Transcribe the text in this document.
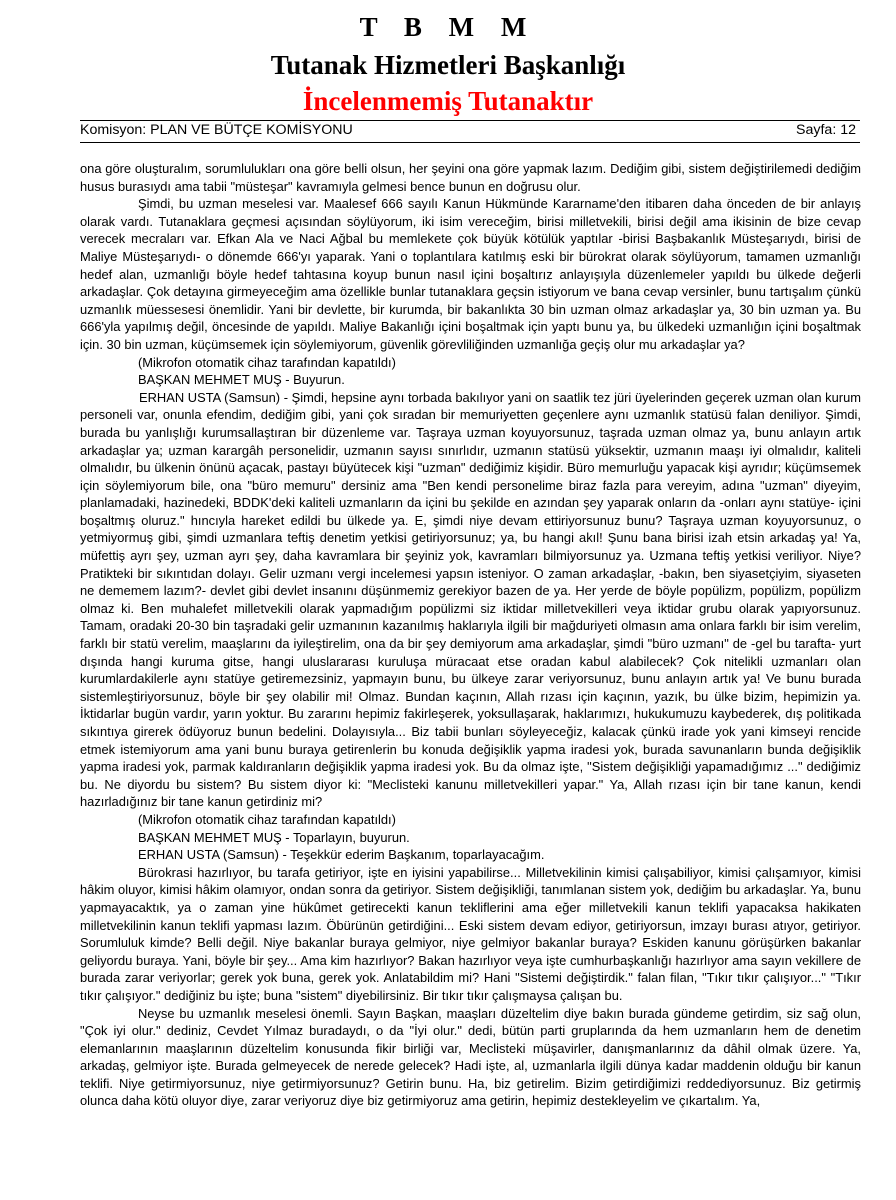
T B M M
Tutanak Hizmetleri Başkanlığı
İncelenmemiş Tutanaktır
Komisyon: PLAN VE BÜTÇE KOMİSYONU	Sayfa: 12

ona göre oluşturalım, sorumlulukları ona göre belli olsun, her şeyini ona göre yapmak lazım. Dediğim gibi, sistem değiştirilemedi dediğim husus burasıydı ama tabii "müsteşar" kavramıyla gelmesi bence bunun en doğrusu olur.

Şimdi, bu uzman meselesi var. Maalesef 666 sayılı Kanun Hükmünde Kararname'den itibaren daha önceden de bir anlayış olarak vardı. Tutanaklara geçmesi açısından söylüyorum, iki isim vereceğim, birisi milletvekili, birisi değil ama ikisinin de bize cevap verecek mecraları var. Efkan Ala ve Naci Ağbal bu memlekete çok büyük kötülük yaptılar -birisi Başbakanlık Müsteşarıydı, birisi de Maliye Müsteşarıydı- o dönemde 666'yı yaparak. Yani o toplantılara katılmış eski bir bürokrat olarak söylüyorum, tamamen uzmanlığı hedef alan, uzmanlığı böyle hedef tahtasına koyup bunun nasıl içini boşaltırız anlayışıyla düzenlemeler yapıldı bu ülkede değerli arkadaşlar. Çok detayına girmeyeceğim ama özellikle bunlar tutanaklara geçsin istiyorum ve bana cevap versinler, bunu tartışalım çünkü uzmanlık müessesesi önemlidir. Yani bir devlette, bir kurumda, bir bakanlıkta 30 bin uzman olmaz arkadaşlar ya, 30 bin uzman ya. Bu 666'yla yapılmış değil, öncesinde de yapıldı. Maliye Bakanlığı içini boşaltmak için yaptı bunu ya, bu ülkedeki uzmanlığın içini boşaltmak için. 30 bin uzman, küçümsemek için söylemiyorum, güvenlik görevliliğinden uzmanlığa geçiş olur mu arkadaşlar ya?

(Mikrofon otomatik cihaz tarafından kapatıldı)

BAŞKAN MEHMET MUŞ - Buyurun.

ERHAN USTA (Samsun) - Şimdi, hepsine aynı torbada bakılıyor yani on saatlik tez jüri üyelerinden geçerek uzman olan kurum personeli var, onunla efendim, dediğim gibi, yani çok sıradan bir memuriyetten geçenlere aynı uzmanlık statüsü falan deniliyor. Şimdi, burada bu yanlışlığı kurumsallaştıran bir düzenleme var. Taşraya uzman koyuyorsunuz, taşrada uzman olmaz ya, bunu anlayın artık arkadaşlar ya; uzman karargâh personelidir, uzmanın sayısı sınırlıdır, uzmanın statüsü yüksektir, uzmanın maaşı iyi olmalıdır, kaliteli olmalıdır, bu ülkenin önünü açacak, pastayı büyütecek kişi "uzman" dediğimiz kişidir. Büro memurluğu yapacak kişi ayrıdır; küçümsemek için söylemiyorum bile, ona "büro memuru" dersiniz ama "Ben kendi personelime biraz fazla para vereyim, adına "uzman" diyeyim, planlamadaki, hazinedeki, BDDK'deki kaliteli uzmanların da içini bu şekilde en azından şey yaparak onların da -onları aynı statüye- içini boşaltmış oluruz." hıncıyla hareket edildi bu ülkede ya. E, şimdi niye devam ettiriyorsunuz bunu? Taşraya uzman koyuyorsunuz, o yetmiyormuş gibi, şimdi uzmanlara teftiş denetim yetkisi getiriyorsunuz; ya, bu hangi akıl! Şunu bana birisi izah etsin arkadaş ya! Ya, müfettiş ayrı şey, uzman ayrı şey, daha kavramlara bir şeyiniz yok, kavramları bilmiyorsunuz ya. Uzmana teftiş yetkisi veriliyor. Niye? Pratikteki bir sıkıntıdan dolayı. Gelir uzmanı vergi incelemesi yapsın isteniyor. O zaman arkadaşlar, -bakın, ben siyasetçiyim, siyaseten ne dememem lazım?- devlet gibi devlet insanını düşünmemiz gerekiyor bazen de ya. Her yerde de böyle popülizm, popülizm, popülizm olmaz ki. Ben muhalefet milletvekili olarak yapmadığım popülizmi siz iktidar milletvekilleri veya iktidar grubu olarak yapıyorsunuz. Tamam, oradaki 20-30 bin taşradaki gelir uzmanının kazanılmış haklarıyla ilgili bir mağduriyeti olmasın ama onlara farklı bir isim verelim, farklı bir statü verelim, maaşlarını da iyileştirelim, ona da bir şey demiyorum ama arkadaşlar, şimdi "büro uzmanı" de -gel bu tarafta- yurt dışında hangi kuruma gitse, hangi uluslararası kuruluşa müracaat etse oradan kabul alabilecek? Çok nitelikli uzmanları olan kurumlardakilerle aynı statüye getiremezsiniz, yapmayın bunu, bu ülkeye zarar veriyorsunuz, bunu anlayın artık ya! Ve bunu burada sistemleştiriyorsunuz, böyle bir şey olabilir mi! Olmaz. Bundan kaçının, Allah rızası için kaçının, yazık, bu ülke bizim, hepimizin ya. İktidarlar bugün vardır, yarın yoktur. Bu zararını hepimiz fakirleşerek, yoksullaşarak, haklarımızı, hukukumuzu kaybederek, dış politikada sıkıntıya girerek ödüyoruz bunun bedelini. Dolayısıyla... Biz tabii bunları söyleyeceğiz, kalacak çünkü irade yok yani kimseyi rencide etmek istemiyorum ama yani bunu buraya getirenlerin bu konuda değişiklik yapma iradesi yok, burada savunanların bunda değişiklik yapma iradesi yok, parmak kaldıranların değişiklik yapma iradesi yok. Bu da olmaz işte, "Sistem değişikliği yapamadığımız ..." dediğimiz bu. Ne diyordu bu sistem? Bu sistem diyor ki: "Meclisteki kanunu milletvekilleri yapar." Ya, Allah rızası için bir tane kanun, kendi hazırladığınız bir tane kanun getirdiniz mi?

(Mikrofon otomatik cihaz tarafından kapatıldı)

BAŞKAN MEHMET MUŞ - Toparlayın, buyurun.

ERHAN USTA (Samsun) - Teşekkür ederim Başkanım, toparlayacağım.

Bürokrasi hazırlıyor, bu tarafa getiriyor, işte en iyisini yapabilirse... Milletvekilinin kimisi çalışabiliyor, kimisi çalışamıyor, kimisi hâkim oluyor, kimisi hâkim olamıyor, ondan sonra da getiriyor. Sistem değişikliği, tanımlanan sistem yok, dediğim bu arkadaşlar. Ya, bunu yapmayacaktık, ya o zaman yine hükûmet getirecekti kanun tekliflerini ama eğer milletvekili kanun teklifi yapacaksa hakikaten milletvekilinin kanun teklifi yapması lazım. Öbürünün getirdiğini... Eski sistem devam ediyor, getiriyorsun, imzayı burası atıyor, getiriyor. Sorumluluk kimde? Belli değil. Niye bakanlar buraya gelmiyor, niye gelmiyor bakanlar buraya? Eskiden kanunu görüşürken bakanlar geliyordu buraya. Yani, böyle bir şey... Ama kim hazırlıyor? Bakan hazırlıyor veya işte cumhurbaşkanlığı hazırlıyor ama sayın vekillere de burada zarar veriyorlar; gerek yok buna, gerek yok. Anlatabildim mi? Hani "Sistemi değiştirdik." falan filan, "Tıkır tıkır çalışıyor..." "Tıkır tıkır çalışıyor." dediğiniz bu işte; buna "sistem" diyebilirsiniz. Bir tıkır tıkır çalışmaysa çalışan bu.

Neyse bu uzmanlık meselesi önemli. Sayın Başkan, maaşları düzeltelim diye bakın burada gündeme getirdim, siz sağ olun, "Çok iyi olur." dediniz, Cevdet Yılmaz buradaydı, o da "İyi olur." dedi, bütün parti gruplarında da hem uzmanların hem de denetim elemanlarının maaşlarının düzeltelim konusunda fikir birliği var, Meclisteki müşavirler, danışmanlarınız da dâhil olmak üzere. Ya, arkadaş, gelmiyor işte. Burada gelmeyecek de nerede gelecek? Hadi işte, al, uzmanlarla ilgili dünya kadar maddenin olduğu bir kanun teklifi. Niye getirmiyorsunuz, niye getirmiyorsunuz? Getirin bunu. Ha, biz getirelim. Bizim getirdiğimizi reddediyorsunuz. Biz getirmiş olunca daha kötü oluyor diye, zarar veriyoruz diye biz getirmiyoruz ama getirin, hepimiz destekleyelim ve çıkartalım. Ya,
